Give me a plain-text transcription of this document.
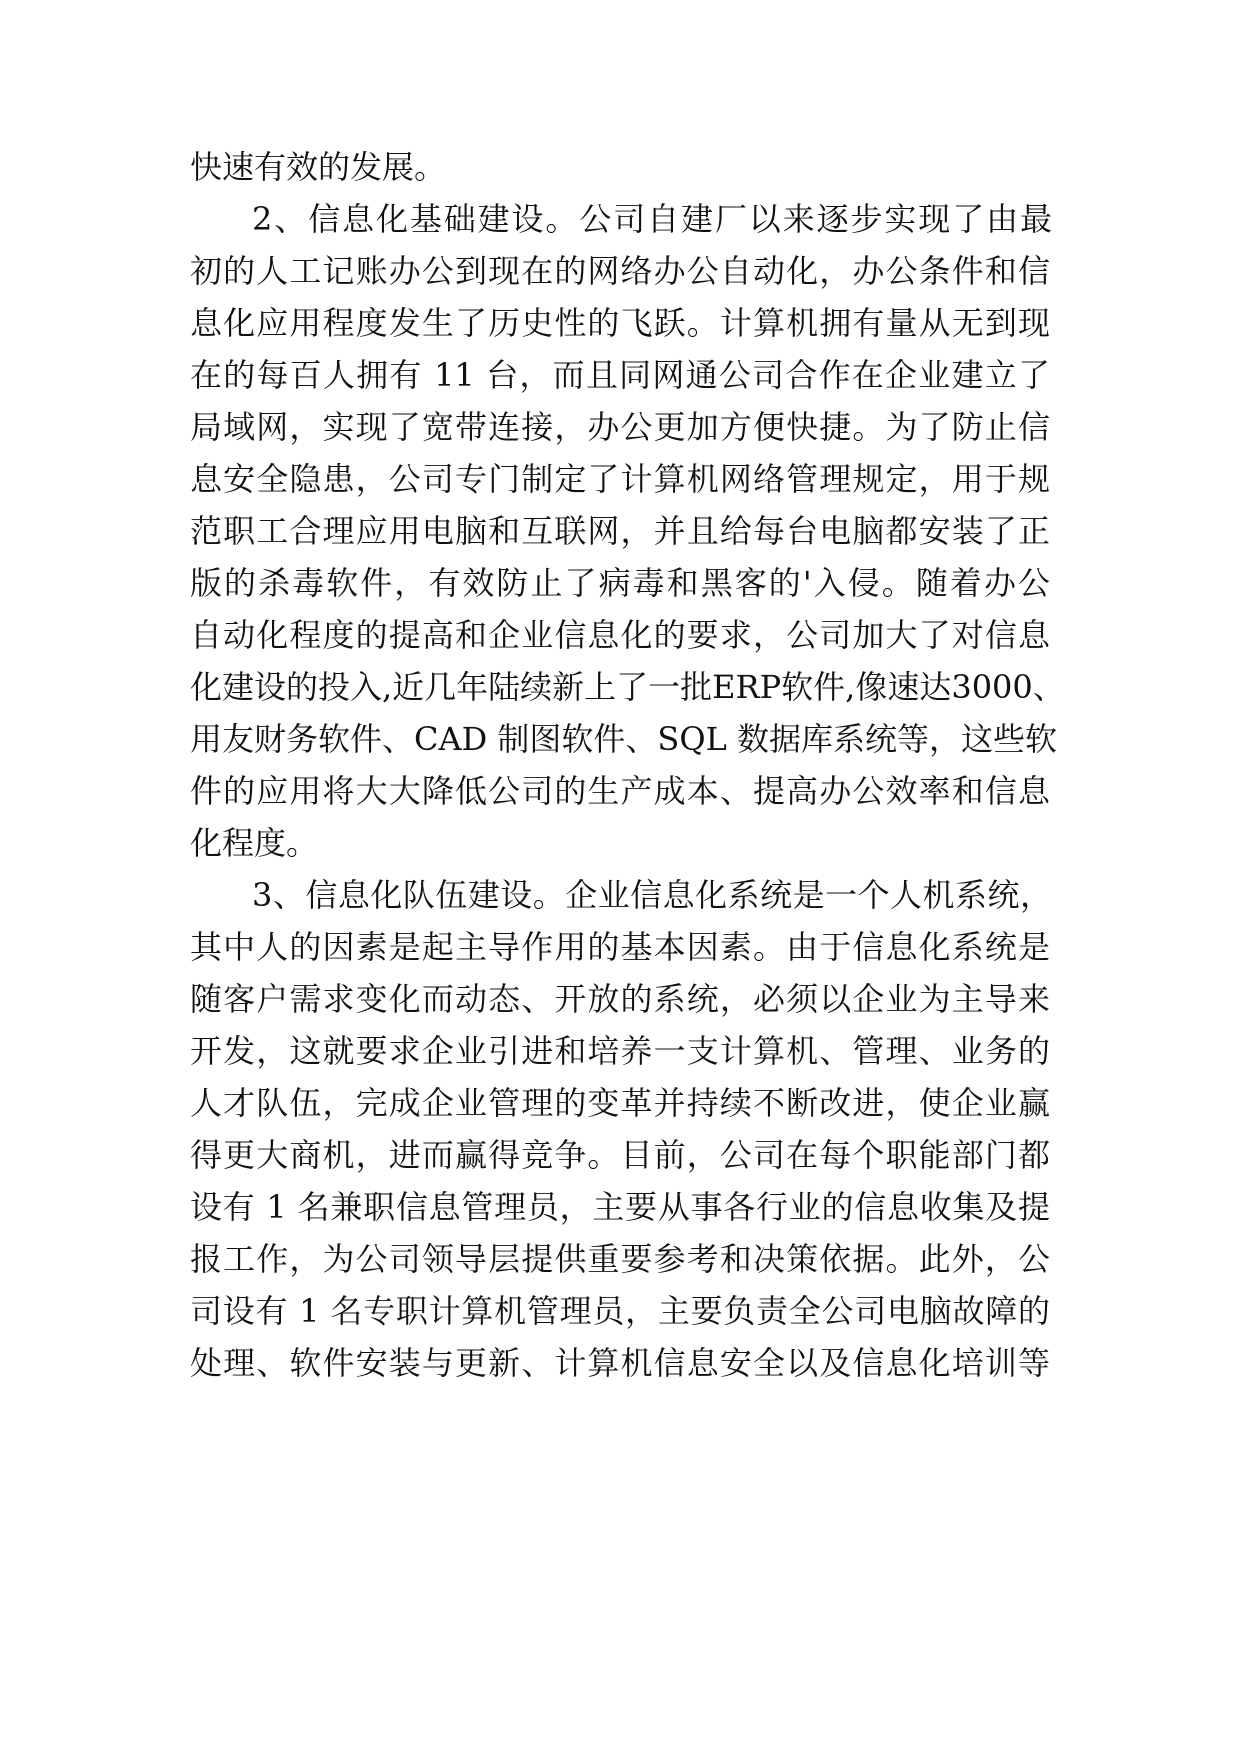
快速有效的发展。
2、信息化基础建设。公司自建厂以来逐步实现了由最
初的人工记账办公到现在的网络办公自动化，办公条件和信
息化应用程度发生了历史性的飞跃。计算机拥有量从无到现
在的每百人拥有 11 台，而且同网通公司合作在企业建立了
局域网，实现了宽带连接，办公更加方便快捷。为了防止信
息安全隐患，公司专门制定了计算机网络管理规定，用于规
范职工合理应用电脑和互联网，并且给每台电脑都安装了正
版的杀毒软件，有效防止了病毒和黑客的'入侵。随着办公
自动化程度的提高和企业信息化的要求，公司加大了对信息
化建设的投入,近几年陆续新上了一批ERP软件,像速达3000、
用友财务软件、CAD 制图软件、SQL 数据库系统等，这些软
件的应用将大大降低公司的生产成本、提高办公效率和信息
化程度。
3、信息化队伍建设。企业信息化系统是一个人机系统，
其中人的因素是起主导作用的基本因素。由于信息化系统是
随客户需求变化而动态、开放的系统，必须以企业为主导来
开发，这就要求企业引进和培养一支计算机、管理、业务的
人才队伍，完成企业管理的变革并持续不断改进，使企业赢
得更大商机，进而赢得竞争。目前，公司在每个职能部门都
设有 1 名兼职信息管理员，主要从事各行业的信息收集及提
报工作，为公司领导层提供重要参考和决策依据。此外，公
司设有 1 名专职计算机管理员，主要负责全公司电脑故障的
处理、软件安装与更新、计算机信息安全以及信息化培训等
